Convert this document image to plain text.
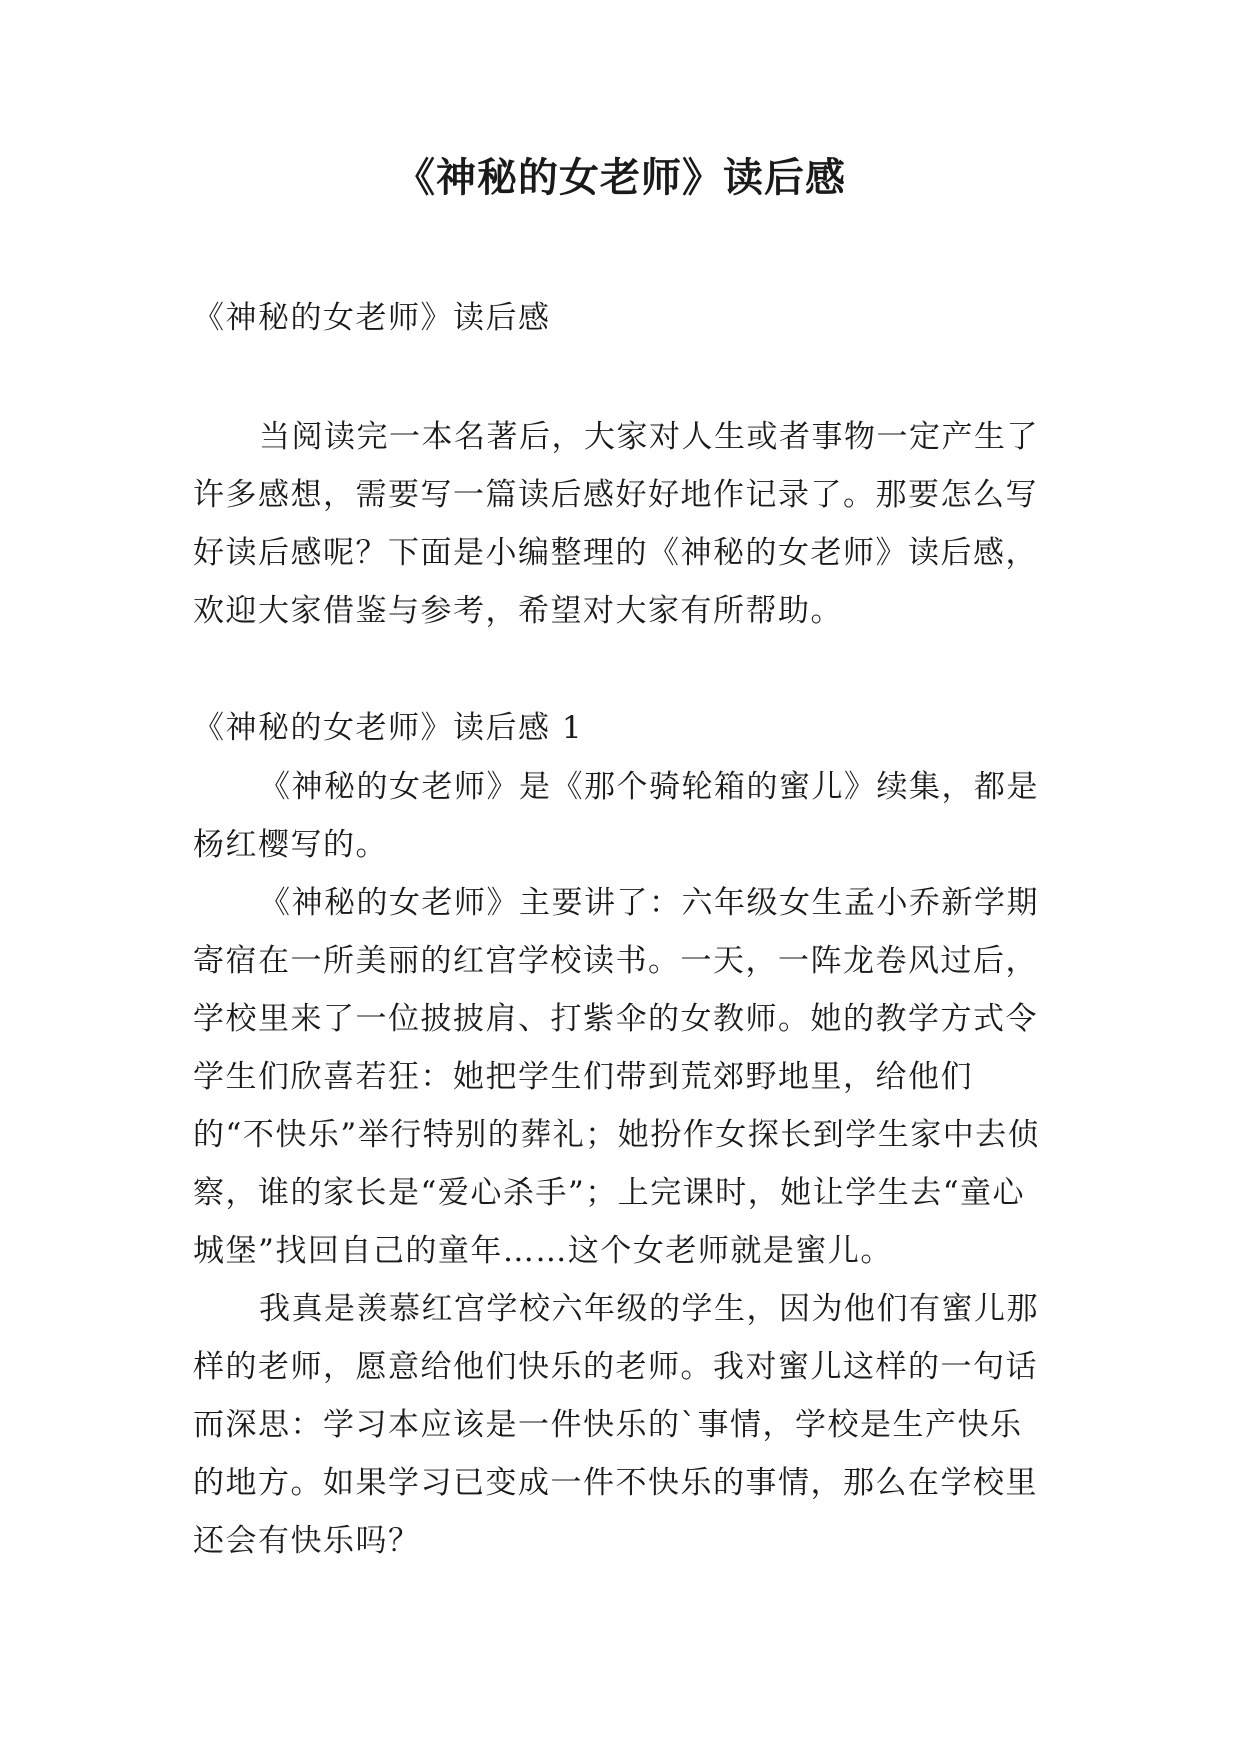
《神秘的女老师》读后感

《神秘的女老师》读后感

当阅读完一本名著后，大家对人生或者事物一定产生了许多感想，需要写一篇读后感好好地作记录了。那要怎么写好读后感呢？下面是小编整理的《神秘的女老师》读后感，欢迎大家借鉴与参考，希望对大家有所帮助。

《神秘的女老师》读后感 1

《神秘的女老师》是《那个骑轮箱的蜜儿》续集，都是杨红樱写的。

《神秘的女老师》主要讲了：六年级女生孟小乔新学期寄宿在一所美丽的红宫学校读书。一天，一阵龙卷风过后，学校里来了一位披披肩、打紫伞的女教师。她的教学方式令学生们欣喜若狂：她把学生们带到荒郊野地里，给他们的“不快乐”举行特别的葬礼；她扮作女探长到学生家中去侦察，谁的家长是“爱心杀手”；上完课时，她让学生去“童心城堡”找回自己的童年……这个女老师就是蜜儿。

我真是羡慕红宫学校六年级的学生，因为他们有蜜儿那样的老师，愿意给他们快乐的老师。我对蜜儿这样的一句话而深思：学习本应该是一件快乐的`事情，学校是生产快乐的地方。如果学习已变成一件不快乐的事情，那么在学校里还会有快乐吗？
